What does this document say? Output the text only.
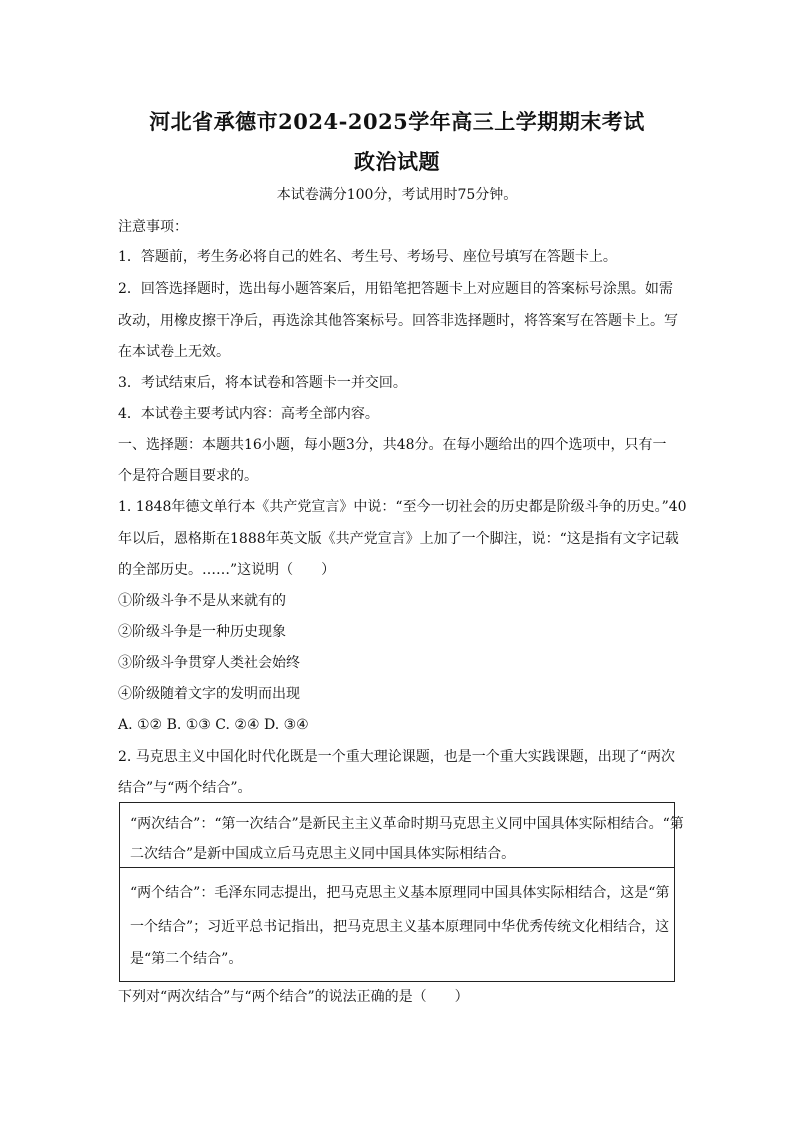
河北省承德市2024-2025学年高三上学期期末考试
政治试题
本试卷满分100分，考试用时75分钟。
注意事项：
1．答题前，考生务必将自己的姓名、考生号、考场号、座位号填写在答题卡上。
2．回答选择题时，选出每小题答案后，用铅笔把答题卡上对应题目的答案标号涂黑。如需
改动，用橡皮擦干净后，再选涂其他答案标号。回答非选择题时，将答案写在答题卡上。写
在本试卷上无效。
3．考试结束后，将本试卷和答题卡一并交回。
4．本试卷主要考试内容：高考全部内容。
一、选择题：本题共16小题，每小题3分，共48分。在每小题给出的四个选项中，只有一
个是符合题目要求的。
1. 1848年德文单行本《共产党宣言》中说：“至今一切社会的历史都是阶级斗争的历史。”40
年以后，恩格斯在1888年英文版《共产党宣言》上加了一个脚注，说：“这是指有文字记载
的全部历史。……”这说明（　　）
①阶级斗争不是从来就有的
②阶级斗争是一种历史现象
③阶级斗争贯穿人类社会始终
④阶级随着文字的发明而出现
A. ①② B. ①③ C. ②④ D. ③④
2. 马克思主义中国化时代化既是一个重大理论课题，也是一个重大实践课题，出现了“两次
结合”与“两个结合”。
“两次结合”：“第一次结合”是新民主主义革命时期马克思主义同中国具体实际相结合。“第
二次结合”是新中国成立后马克思主义同中国具体实际相结合。
“两个结合”：毛泽东同志提出，把马克思主义基本原理同中国具体实际相结合，这是“第
一个结合”；习近平总书记指出，把马克思主义基本原理同中华优秀传统文化相结合，这
是“第二个结合”。
下列对“两次结合”与“两个结合”的说法正确的是（　　）
